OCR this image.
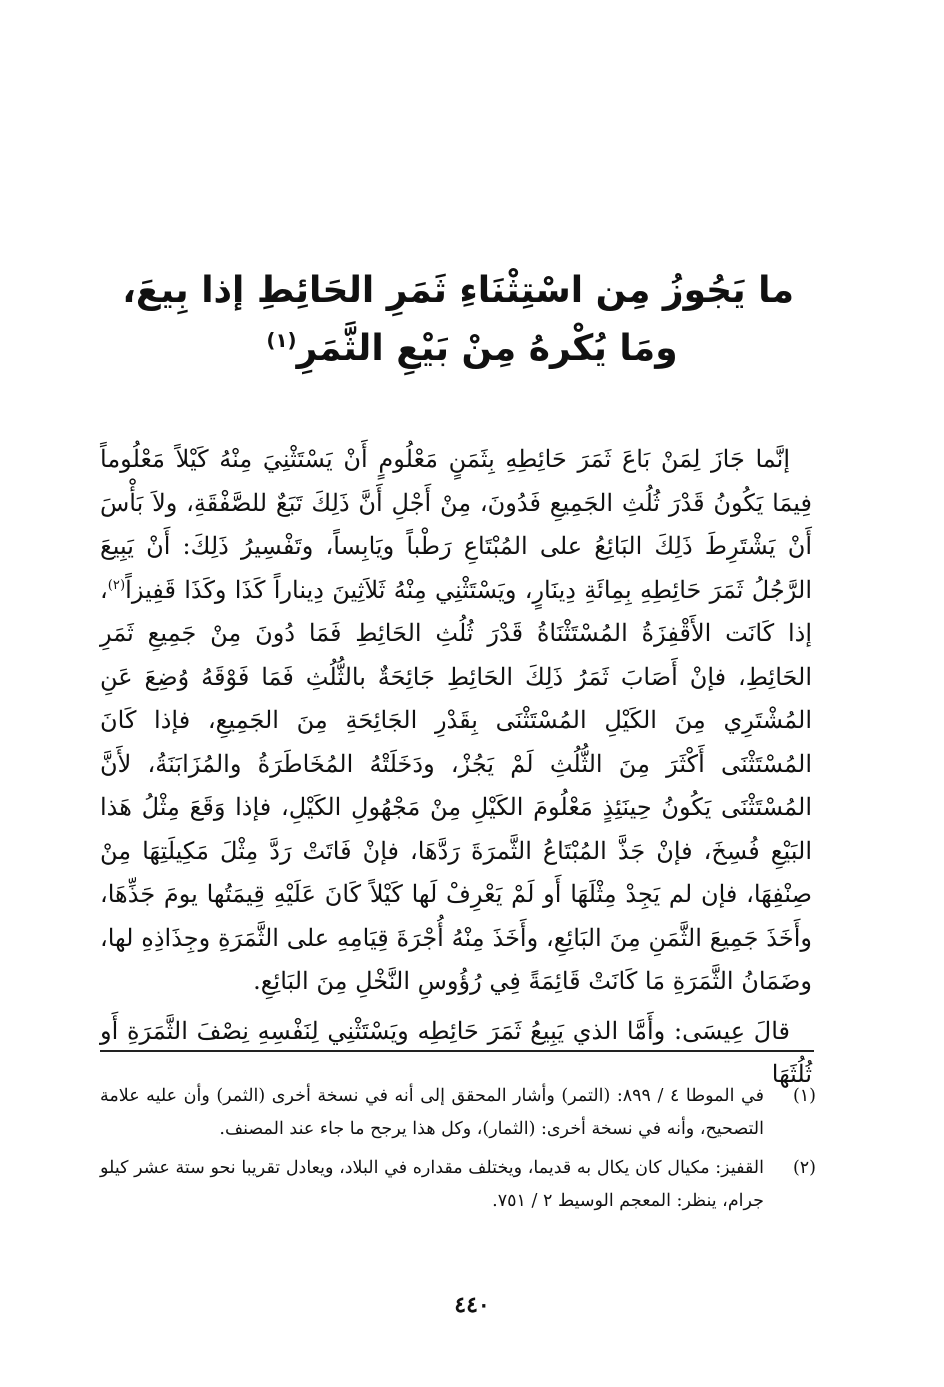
ما يَجُوزُ مِن اسْتِثْنَاءِ ثَمَرِ الحَائِطِ إذا بِيعَ،
ومَا يُكْرهُ مِنْ بَيْعِ الثَّمَرِ$^{(١)}$

إنَّما جَازَ لِمَنْ بَاعَ ثَمَرَ حَائِطِهِ بِثَمَنٍ مَعْلُومٍ أَنْ يَسْتَثْنِيَ مِنْهُ كَيْلاً مَعْلُوماً فِيمَا يَكُونُ قَدْرَ ثُلُثِ الجَمِيعِ فَدُونَ، مِنْ أَجْلِ أَنَّ ذَلِكَ تَبَعٌ للصَّفْقَةِ، ولاَ بَأْسَ أَنْ يَشْتَرِطَ ذَلِكَ البَائِعُ على المُبْتَاعِ رَطْباً ويَابِساً، وتَفْسِيرُ ذَلِكَ: أَنْ يَبِيعَ الرَّجُلُ ثَمَرَ حَائِطِهِ بِمِائَةِ دِينَارٍ، ويَسْتَثْنِي مِنْهُ ثَلاَثِينَ دِيناراً كَذَا وكَذَا قَفِيزاً$^{(٢)}$، إذا كَانَت الأَقْفِزَةُ المُسْتَثْنَاةُ قَدْرَ ثُلُثِ الحَائِطِ فَمَا دُونَ مِنْ جَمِيعِ ثَمَرِ الحَائِطِ، فإنْ أَصَابَ ثَمَرُ ذَلِكَ الحَائِطِ جَائِحَةٌ بالثُّلُثِ فَمَا فَوْقَهُ وُضِعَ عَنِ المُشْتَرِي مِنَ الكَيْلِ المُسْتَثْنَى بِقَدْرِ الجَائِحَةِ مِنَ الجَمِيعِ، فإذا كَانَ المُسْتَثْنَى أَكْثَرَ مِنَ الثُّلُثِ لَمْ يَجُزْ، ودَخَلَتْهُ المُخَاطَرَةُ والمُزَابَنَةُ، لأَنَّ المُسْتَثْنَى يَكُونُ حِينَئِذٍ مَعْلُومَ الكَيْلِ مِنْ مَجْهُولِ الكَيْلِ، فإذا وَقَعَ مِثْلُ هَذا البَيْعِ فُسِخَ، فإنْ جَذَّ المُبْتَاعُ الثَّمرَةَ رَدَّهَا، فإنْ فَاتَتْ رَدَّ مِثْلَ مَكِيلَتِهَا مِنْ صِنْفِهَا، فإن لم يَجِدْ مِثْلَهَا أَو لَمْ يَعْرِفْ لَها كَيْلاً كَانَ عَلَيْهِ قِيمَتُها يومَ جَذِّهَا، وأَخَذَ جَمِيعَ الثَّمَنِ مِنَ البَائِعِ، وأَخَذَ مِنْهُ أُجْرَةَ قِيَامِهِ على الثَّمَرَةِ وجِذَاذِهِ لها، وضَمَانُ الثَّمَرَةِ مَا كَانَتْ قَائِمَةً فِي رُؤُوسِ النَّخْلِ مِنَ البَائِعِ.

قالَ عِيسَى: وأَمَّا الذي يَبِيعُ ثَمَرَ حَائِطِه ويَسْتَثْنِي لِنَفْسِهِ نِصْفَ الثَّمَرَةِ أَو ثُلُثَهَا

(١)
في الموطا ٤ / ٨٩٩: (التمر) وأشار المحقق إلى أنه في نسخة أخرى (الثمر) وأن عليه علامة التصحيح، وأنه في نسخة أخرى: (الثمار)، وكل هذا يرجح ما جاء عند المصنف.
(٢)
القفيز: مكيال كان يكال به قديما، ويختلف مقداره في البلاد، ويعادل تقريبا نحو ستة عشر كيلو جرام، ينظر: المعجم الوسيط ٢ / ٧٥١.
٤٤٠
